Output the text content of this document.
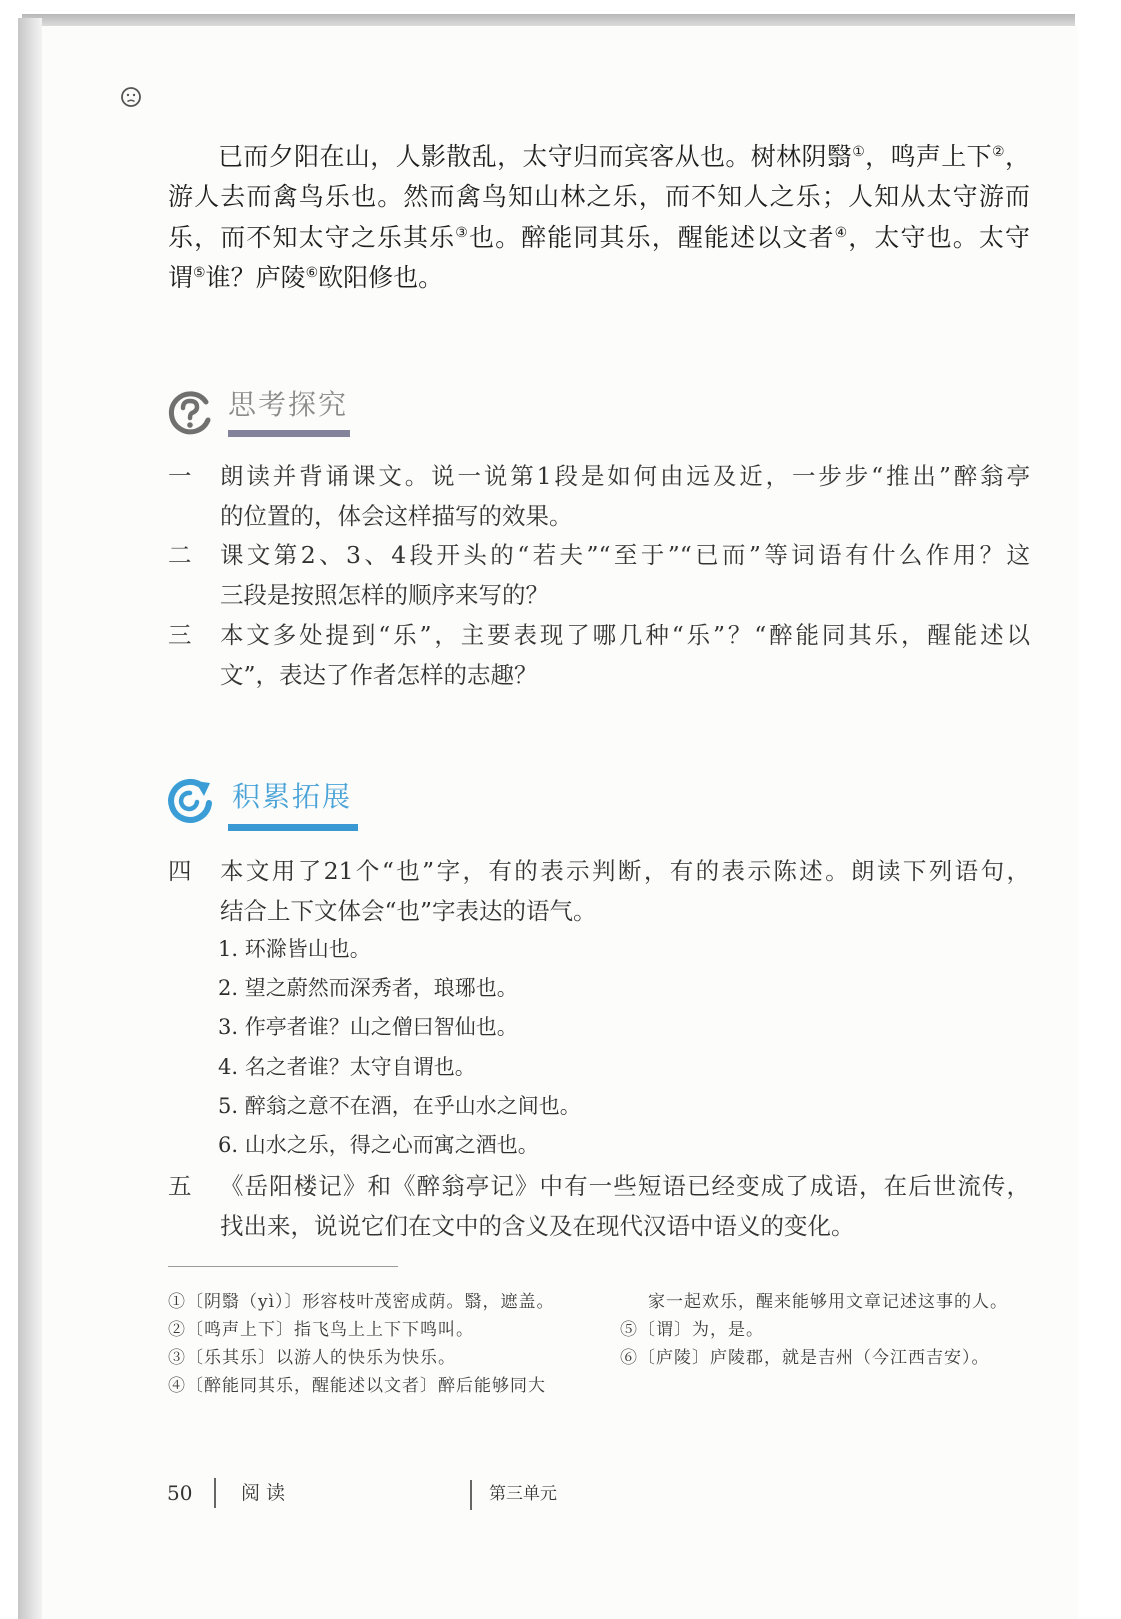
已而夕阳在山，人影散乱，太守归而宾客从也。树林阴翳①，鸣声上下②，
游人去而禽鸟乐也。然而禽鸟知山林之乐，而不知人之乐；人知从太守游而
乐，而不知太守之乐其乐③也。醉能同其乐，醒能述以文者④，太守也。太守
谓⑤谁？庐陵⑥欧阳修也。
思考探究
一 朗读并背诵课文。说一说第1段是如何由远及近，一步步“推出”醉翁亭
的位置的，体会这样描写的效果。
二 课文第2、3、4段开头的“若夫”“至于”“已而”等词语有什么作用？这
三段是按照怎样的顺序来写的？
三 本文多处提到“乐”，主要表现了哪几种“乐”？“醉能同其乐，醒能述以
文”，表达了作者怎样的志趣？
积累拓展
四 本文用了21个“也”字，有的表示判断，有的表示陈述。朗读下列语句，
结合上下文体会“也”字表达的语气。
1. 环滁皆山也。
2. 望之蔚然而深秀者，琅琊也。
3. 作亭者谁？山之僧曰智仙也。
4. 名之者谁？太守自谓也。
5. 醉翁之意不在酒，在乎山水之间也。
6. 山水之乐，得之心而寓之酒也。
五 《岳阳楼记》和《醉翁亭记》中有一些短语已经变成了成语，在后世流传，
找出来，说说它们在文中的含义及在现代汉语中语义的变化。
①〔阴翳（yì）〕形容枝叶茂密成荫。翳，遮盖。
②〔鸣声上下〕指飞鸟上上下下鸣叫。
③〔乐其乐〕以游人的快乐为快乐。
④〔醉能同其乐，醒能述以文者〕醉后能够同大
家一起欢乐，醒来能够用文章记述这事的人。
⑤〔谓〕为，是。
⑥〔庐陵〕庐陵郡，就是吉州（今江西吉安）。
50	阅 读	第三单元
